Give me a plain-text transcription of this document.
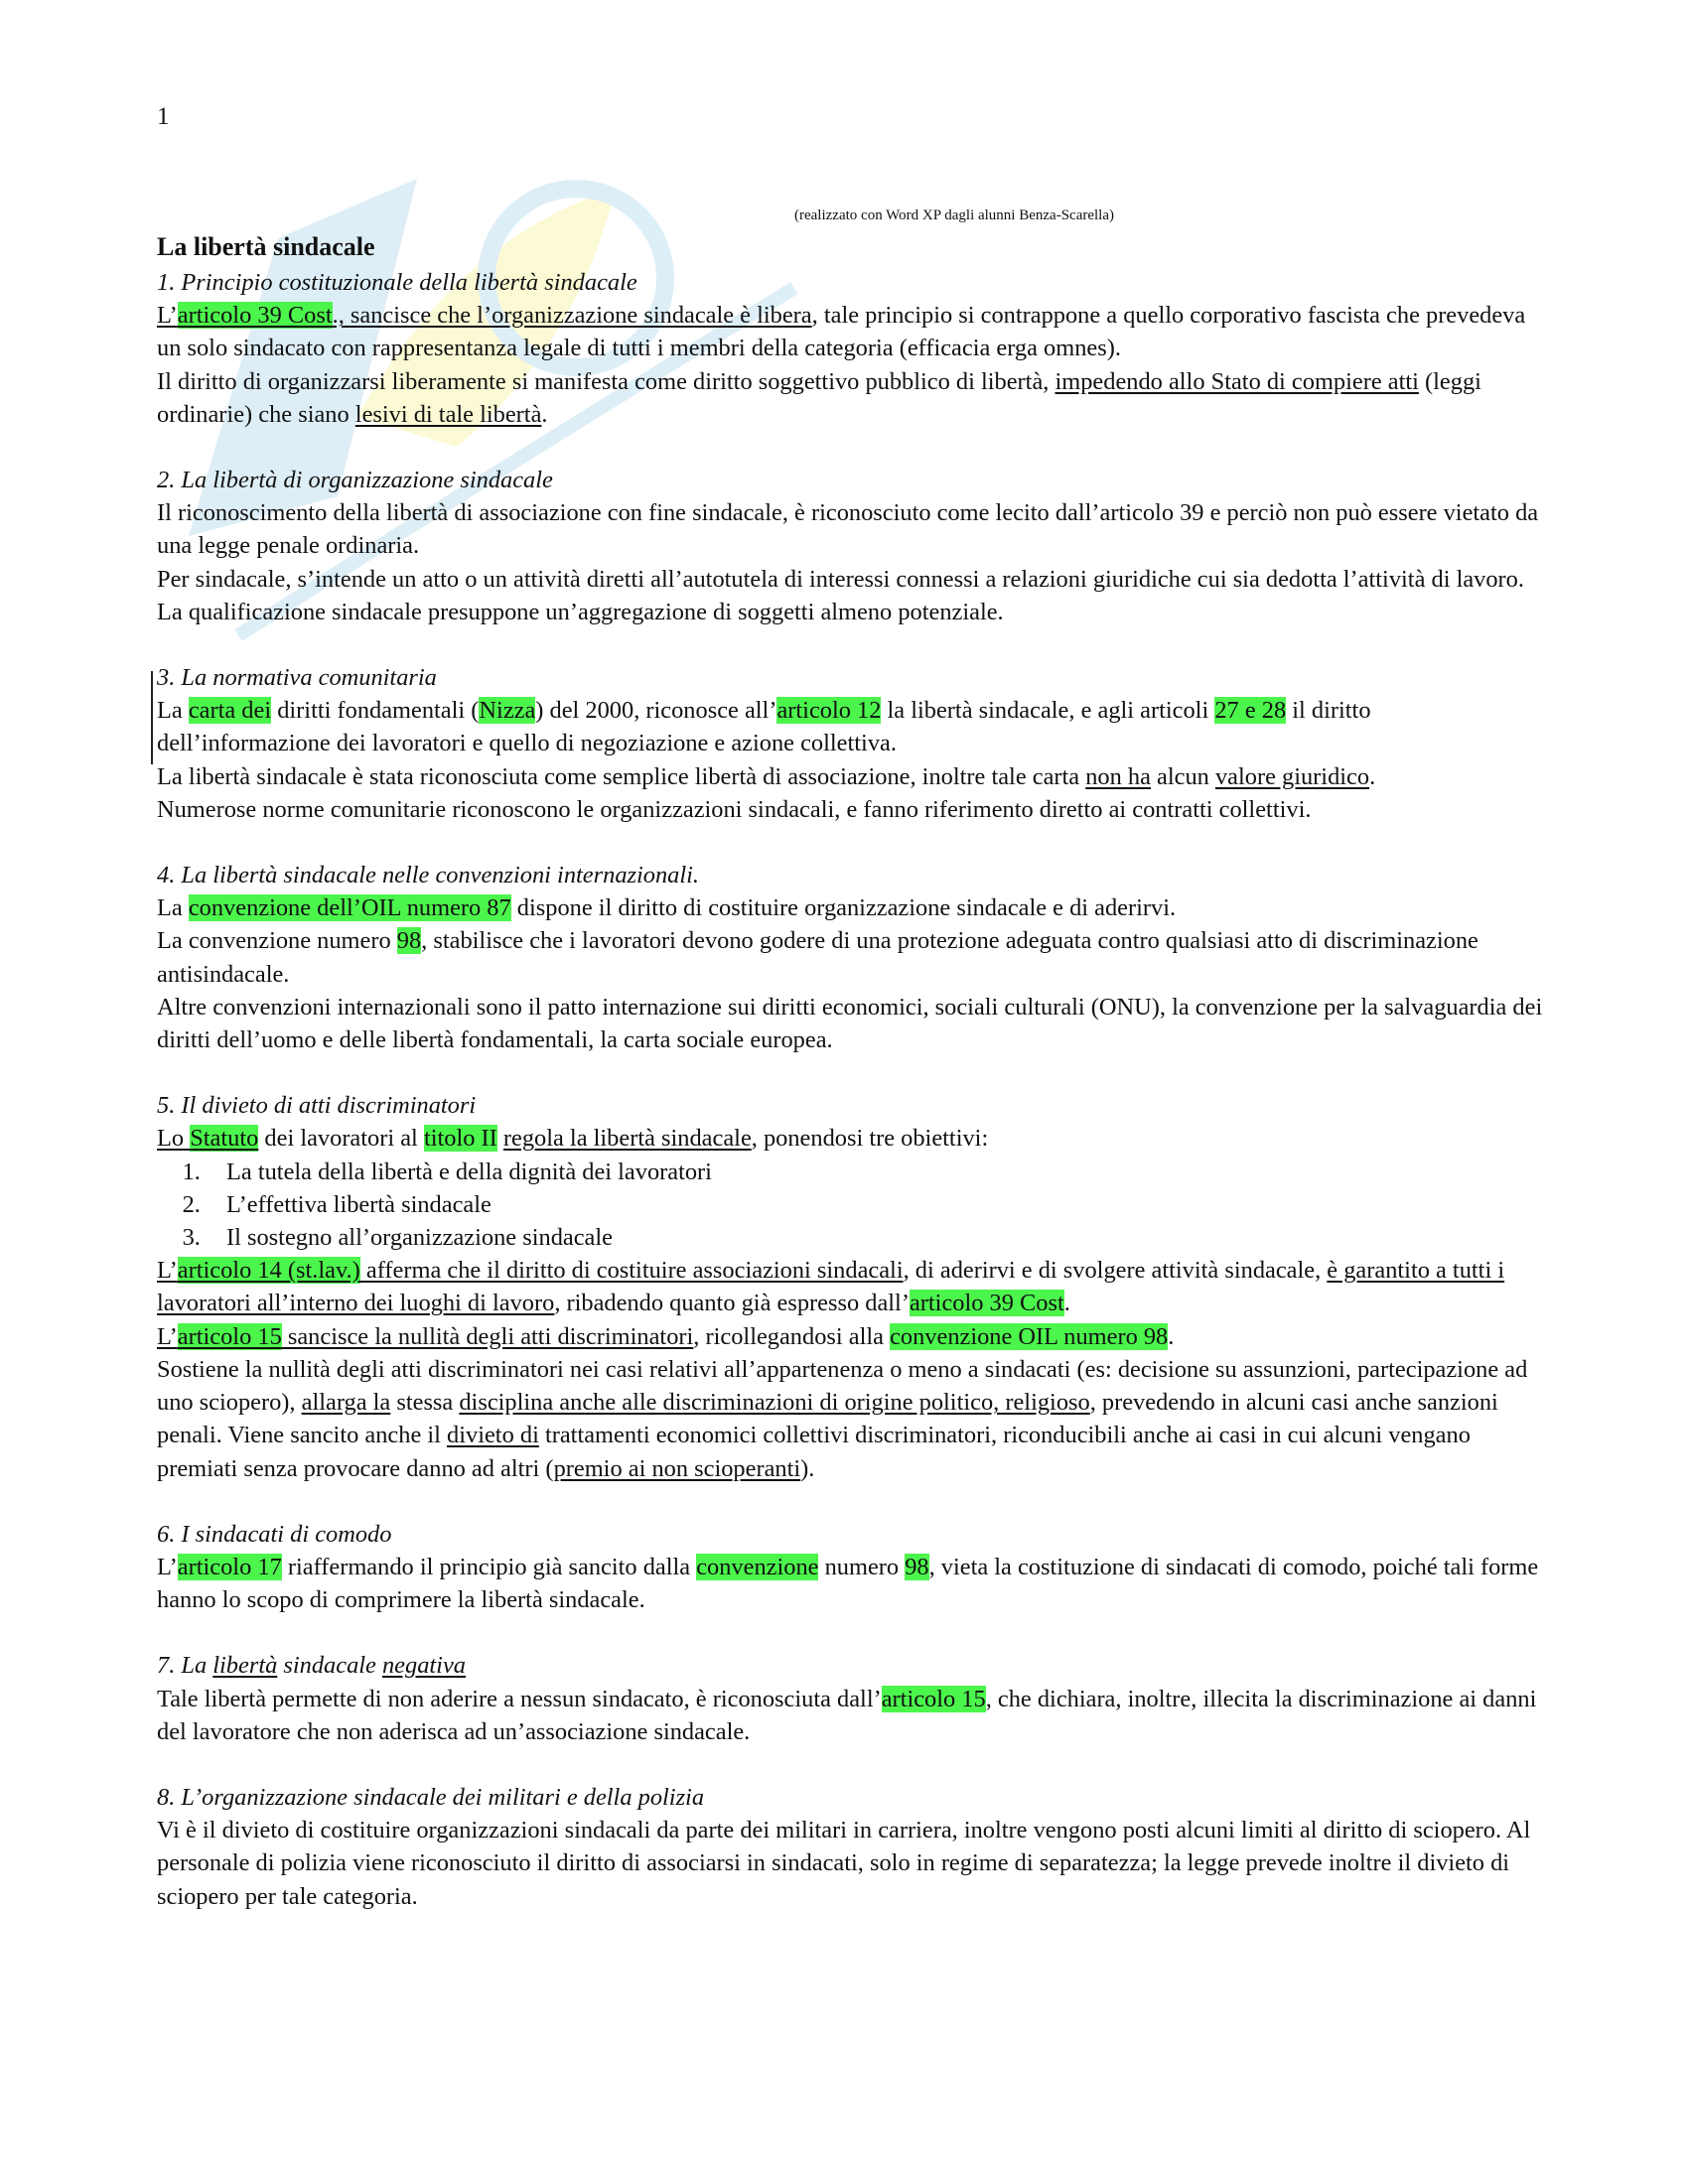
1
(realizzato con Word XP dagli alunni Benza-Scarella)
La libertà sindacale

1. Principio costituzionale della libertà sindacale

L’articolo 39 Cost., sancisce che l’organizzazione sindacale è libera, tale principio si contrappone a quello corporativo fascista che prevedeva un solo sindacato con rappresentanza legale di tutti i membri della categoria (efficacia erga omnes).

Il diritto di organizzarsi liberamente si manifesta come diritto soggettivo pubblico di libertà, impedendo allo Stato di compiere atti (leggi ordinarie) che siano lesivi di tale libertà.

2. La libertà di organizzazione sindacale

Il riconoscimento della libertà di associazione con fine sindacale, è riconosciuto come lecito dall’articolo 39 e perciò non può essere vietato da una legge penale ordinaria.

Per sindacale, s’intende un atto o un attività diretti all’autotutela di interessi connessi a relazioni giuridiche cui sia dedotta l’attività di lavoro. La qualificazione sindacale presuppone un’aggregazione di soggetti almeno potenziale.

3. La normativa comunitaria

La carta dei diritti fondamentali (Nizza) del 2000, riconosce all’articolo 12 la libertà sindacale, e agli articoli 27 e 28 il diritto dell’informazione dei lavoratori e quello di negoziazione e azione collettiva.

La libertà sindacale è stata riconosciuta come semplice libertà di associazione, inoltre tale carta non ha alcun valore giuridico.

Numerose norme comunitarie riconoscono le organizzazioni sindacali, e fanno riferimento diretto ai contratti collettivi.

4. La libertà sindacale nelle convenzioni internazionali.

La convenzione dell’OIL numero 87 dispone il diritto di costituire organizzazione sindacale e di aderirvi.

La convenzione numero 98, stabilisce che i lavoratori devono godere di una protezione adeguata contro qualsiasi atto di discriminazione antisindacale.

Altre convenzioni internazionali sono il patto internazione sui diritti economici, sociali culturali (ONU), la convenzione per la salvaguardia dei diritti dell’uomo e delle libertà fondamentali, la carta sociale europea.

5. Il divieto di atti discriminatori

Lo Statuto dei lavoratori al titolo II regola la libertà sindacale, ponendosi tre obiettivi:

1. La tutela della libertà e della dignità dei lavoratori
2. L’effettiva libertà sindacale
3. Il sostegno all’organizzazione sindacale

L’articolo 14 (st.lav.) afferma che il diritto di costituire associazioni sindacali, di aderirvi e di svolgere attività sindacale, è garantito a tutti i lavoratori all’interno dei luoghi di lavoro, ribadendo quanto già espresso dall’articolo 39 Cost.

L’articolo 15 sancisce la nullità degli atti discriminatori, ricollegandosi alla convenzione OIL numero 98.

Sostiene la nullità degli atti discriminatori nei casi relativi all’appartenenza o meno a sindacati (es: decisione su assunzioni, partecipazione ad uno sciopero), allarga la stessa disciplina anche alle discriminazioni di origine politico, religioso, prevedendo in alcuni casi anche sanzioni penali. Viene sancito anche il divieto di trattamenti economici collettivi discriminatori, riconducibili anche ai casi in cui alcuni vengano premiati senza provocare danno ad altri (premio ai non scioperanti).

6. I sindacati di comodo

L’articolo 17 riaffermando il principio già sancito dalla convenzione numero 98, vieta la costituzione di sindacati di comodo, poiché tali forme hanno lo scopo di comprimere la libertà sindacale.

7. La libertà sindacale negativa

Tale libertà permette di non aderire a nessun sindacato, è riconosciuta dall’articolo 15, che dichiara, inoltre, illecita la discriminazione ai danni del lavoratore che non aderisca ad un’associazione sindacale.

8. L’organizzazione sindacale dei militari e della polizia

Vi è il divieto di costituire organizzazioni sindacali da parte dei militari in carriera, inoltre vengono posti alcuni limiti al diritto di sciopero. Al personale di polizia viene riconosciuto il diritto di associarsi in sindacati, solo in regime di separatezza; la legge prevede inoltre il divieto di sciopero per tale categoria.
